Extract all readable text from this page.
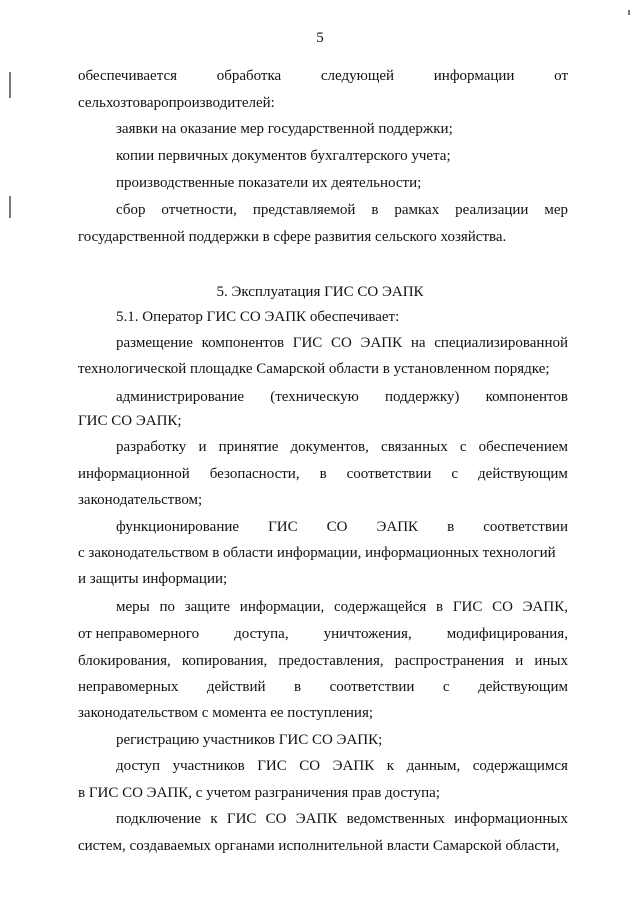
5
обеспечивается	обработка	следующей	информации	от
сельхозтоваропроизводителей:
заявки на оказание мер государственной поддержки;
копии первичных документов бухгалтерского учета;
производственные показатели их деятельности;
сбор отчетности, представляемой в рамках реализации мер
государственной поддержки в сфере развития сельского хозяйства.
5. Эксплуатация ГИС СО ЭАПК
5.1. Оператор ГИС СО ЭАПК обеспечивает:
размещение компонентов ГИС СО ЭАПК на специализированной
технологической площадке Самарской области в установленном порядке;
администрирование (техническую поддержку) компонентов
ГИС СО ЭАПК;
разработку и принятие документов, связанных с обеспечением
информационной безопасности, в соответствии с действующим
законодательством;
функционирование ГИС СО ЭАПК в соответствии
с законодательством в области информации, информационных технологий
и защиты информации;
меры по защите информации, содержащейся в ГИС СО ЭАПК,
от неправомерного доступа, уничтожения, модифицирования,
блокирования, копирования, предоставления, распространения и иных
неправомерных действий в соответствии с действующим
законодательством с момента ее поступления;
регистрацию участников ГИС СО ЭАПК;
доступ участников ГИС СО ЭАПК к данным, содержащимся
в ГИС СО ЭАПК, с учетом разграничения прав доступа;
подключение к ГИС СО ЭАПК ведомственных информационных
систем, создаваемых органами исполнительной власти Самарской области,
